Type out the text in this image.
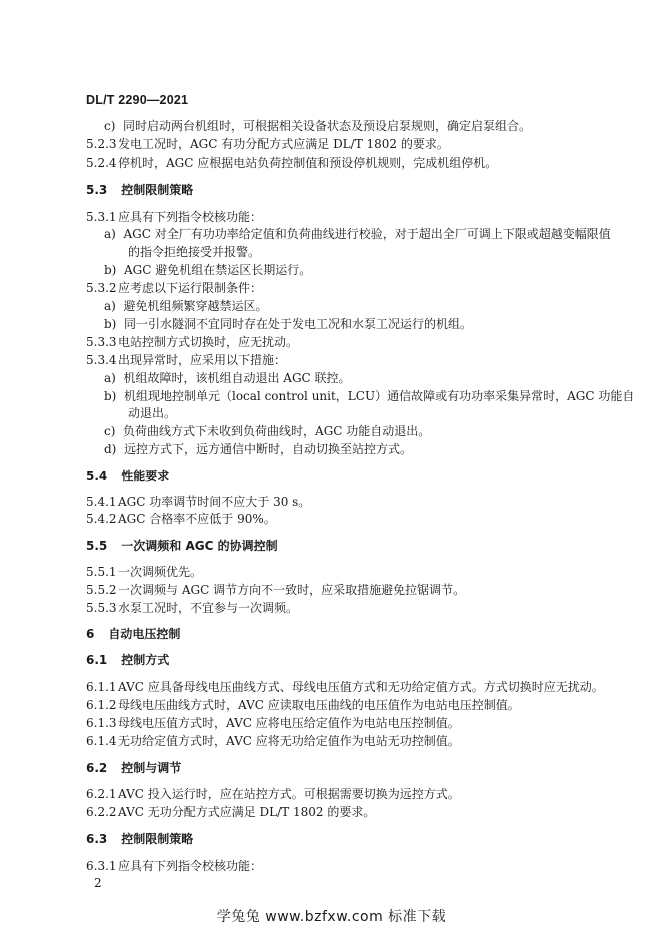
DL/T 2290—2021
c)  同时启动两台机组时，可根据相关设备状态及预设启泵规则，确定启泵组合。
5.2.3 发电工况时，AGC 有功分配方式应满足 DL/T 1802 的要求。
5.2.4 停机时，AGC 应根据电站负荷控制值和预设停机规则，完成机组停机。
5.3 控制限制策略
5.3.1 应具有下列指令校核功能：
a)  AGC 对全厂有功功率给定值和负荷曲线进行校验，对于超出全厂可调上下限或超越变幅限值
的指令拒绝接受并报警。
b)  AGC 避免机组在禁运区长期运行。
5.3.2 应考虑以下运行限制条件：
a)  避免机组频繁穿越禁运区。
b)  同一引水隧洞不宜同时存在处于发电工况和水泵工况运行的机组。
5.3.3 电站控制方式切换时，应无扰动。
5.3.4 出现异常时，应采用以下措施：
a)  机组故障时，该机组自动退出 AGC 联控。
b)  机组现地控制单元（local control unit，LCU）通信故障或有功功率采集异常时，AGC 功能自
动退出。
c)  负荷曲线方式下未收到负荷曲线时，AGC 功能自动退出。
d)  远控方式下，远方通信中断时，自动切换至站控方式。
5.4 性能要求
5.4.1 AGC 功率调节时间不应大于 30 s。
5.4.2 AGC 合格率不应低于 90%。
5.5 一次调频和 AGC 的协调控制
5.5.1 一次调频优先。
5.5.2 一次调频与 AGC 调节方向不一致时，应采取措施避免拉锯调节。
5.5.3 水泵工况时，不宜参与一次调频。
6 自动电压控制
6.1 控制方式
6.1.1 AVC 应具备母线电压曲线方式、母线电压值方式和无功给定值方式。方式切换时应无扰动。
6.1.2 母线电压曲线方式时，AVC 应读取电压曲线的电压值作为电站电压控制值。
6.1.3 母线电压值方式时，AVC 应将电压给定值作为电站电压控制值。
6.1.4 无功给定值方式时，AVC 应将无功给定值作为电站无功控制值。
6.2 控制与调节
6.2.1 AVC 投入运行时，应在站控方式。可根据需要切换为远控方式。
6.2.2 AVC 无功分配方式应满足 DL/T 1802 的要求。
6.3 控制限制策略
6.3.1 应具有下列指令校核功能：
2
学兔兔 www.bzfxw.com 标准下载
